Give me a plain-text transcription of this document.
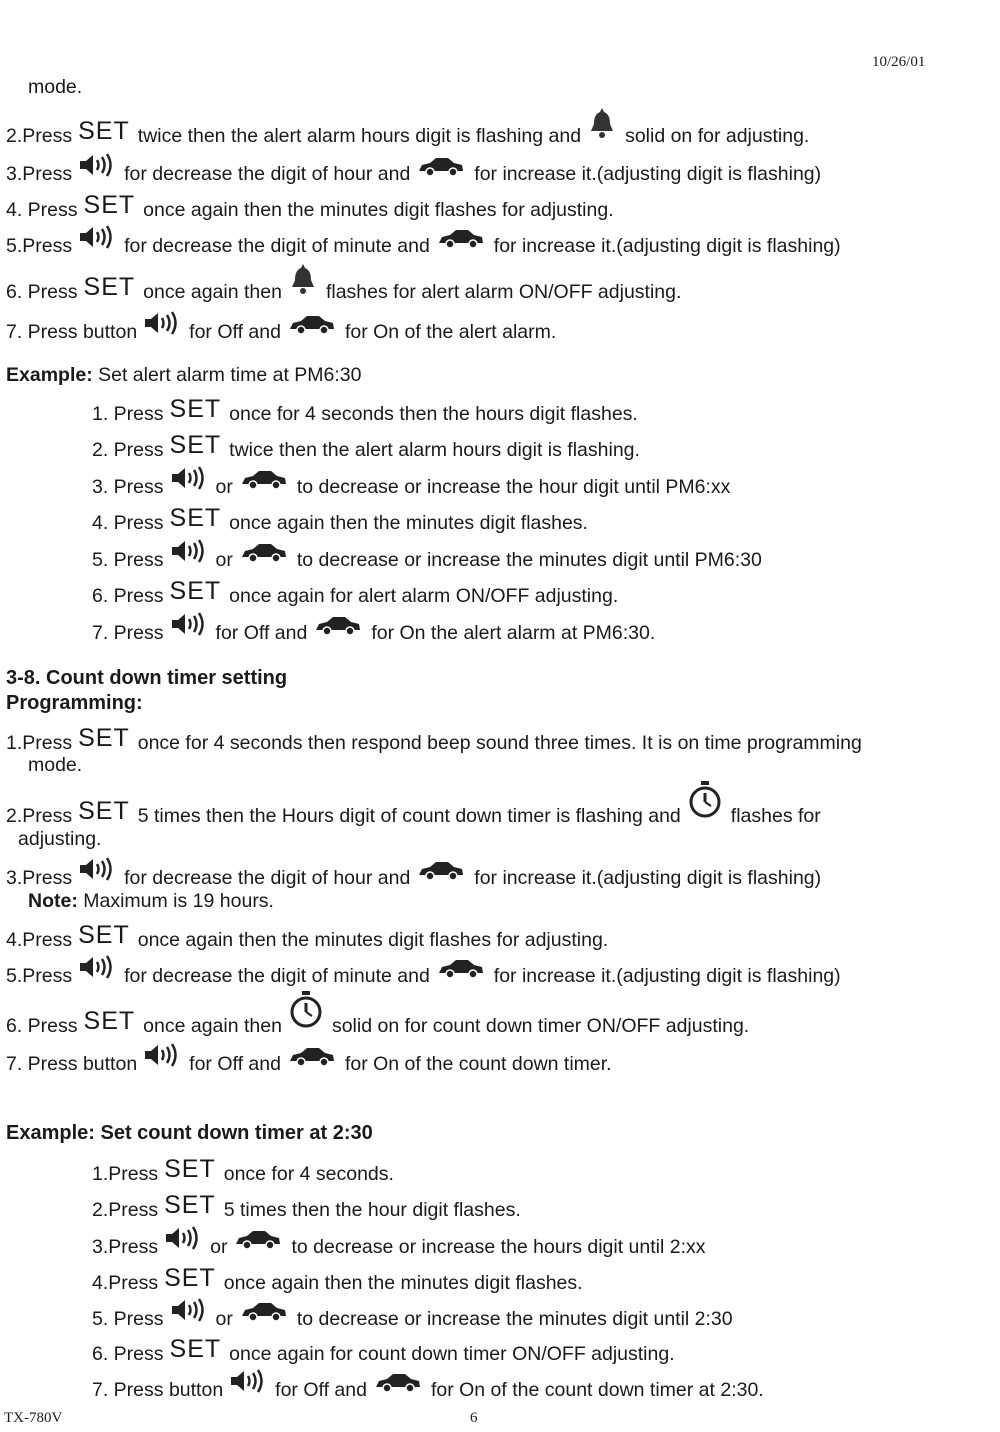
10/26/01
mode.
2.Press SET twice then the alert alarm hours digit is flashing and solid on for adjusting.
3.Press	for decrease the digit of hour and	for increase it.(adjusting digit is flashing)
4. Press SET once again then the minutes digit flashes for adjusting.
5.Press	for decrease the digit of minute and	for increase it.(adjusting digit is flashing)
6. Press SET once again then flashes for alert alarm ON/OFF adjusting.
7. Press button	for Off and	for On of the alert alarm.
Example: Set alert alarm time at PM6:30
1. Press SET once for 4 seconds then the hours digit flashes.
2. Press SET twice then the alert alarm hours digit is flashing.
3. Press	or	to decrease or increase the hour digit until PM6:xx
4. Press SET once again then the minutes digit flashes.
5. Press	or	to decrease or increase the minutes digit until PM6:30
6. Press SET once again for alert alarm ON/OFF adjusting.
7. Press	for Off and	for On the alert alarm at PM6:30.
3-8. Count down timer setting
Programming:
1.Press SET once for 4 seconds then respond beep sound three times. It is on time programming
mode.
2.Press SET 5 times then the Hours digit of count down timer is flashing and	flashes for
adjusting.
3.Press	for decrease the digit of hour and	for increase it.(adjusting digit is flashing)
Note: Maximum is 19 hours.
4.Press SET once again then the minutes digit flashes for adjusting.
5.Press	for decrease the digit of minute and	for increase it.(adjusting digit is flashing)
6. Press SET once again then	solid on for count down timer ON/OFF adjusting.
7. Press button	for Off and	for On of the count down timer.
Example: Set count down timer at 2:30
1.Press SET once for 4 seconds.
2.Press SET 5 times then the hour digit flashes.
3.Press	or	to decrease or increase the hours digit until 2:xx
4.Press SET once again then the minutes digit flashes.
5. Press	or	to decrease or increase the minutes digit until 2:30
6. Press SET once again for count down timer ON/OFF adjusting.
7. Press button	for Off and	for On of the count down timer at 2:30.
TX-780V	6
